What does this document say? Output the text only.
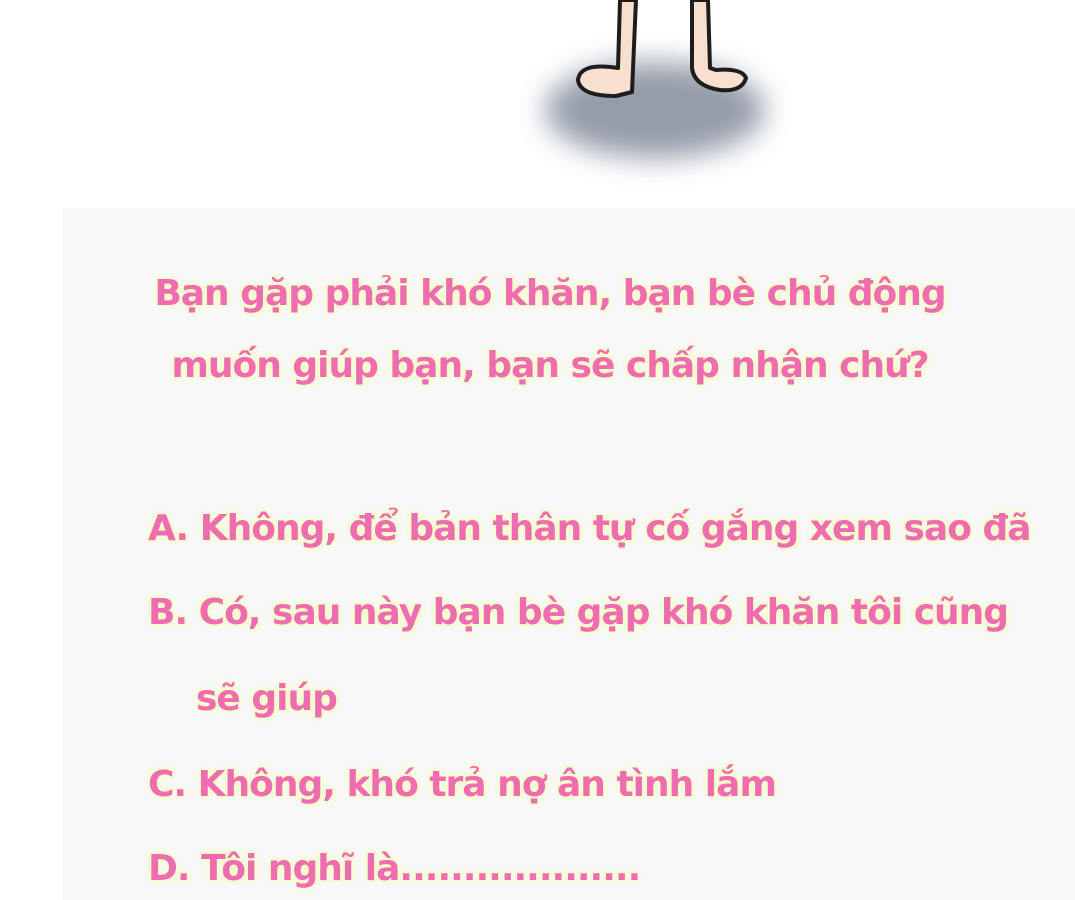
Bạn gặp phải khó khăn, bạn bè chủ động
muốn giúp bạn, bạn sẽ chấp nhận chứ?
A. Không, để bản thân tự cố gắng xem sao đã
B. Có, sau này bạn bè gặp khó khăn tôi cũng
sẽ giúp
C. Không, khó trả nợ ân tình lắm
D. Tôi nghĩ là...................
